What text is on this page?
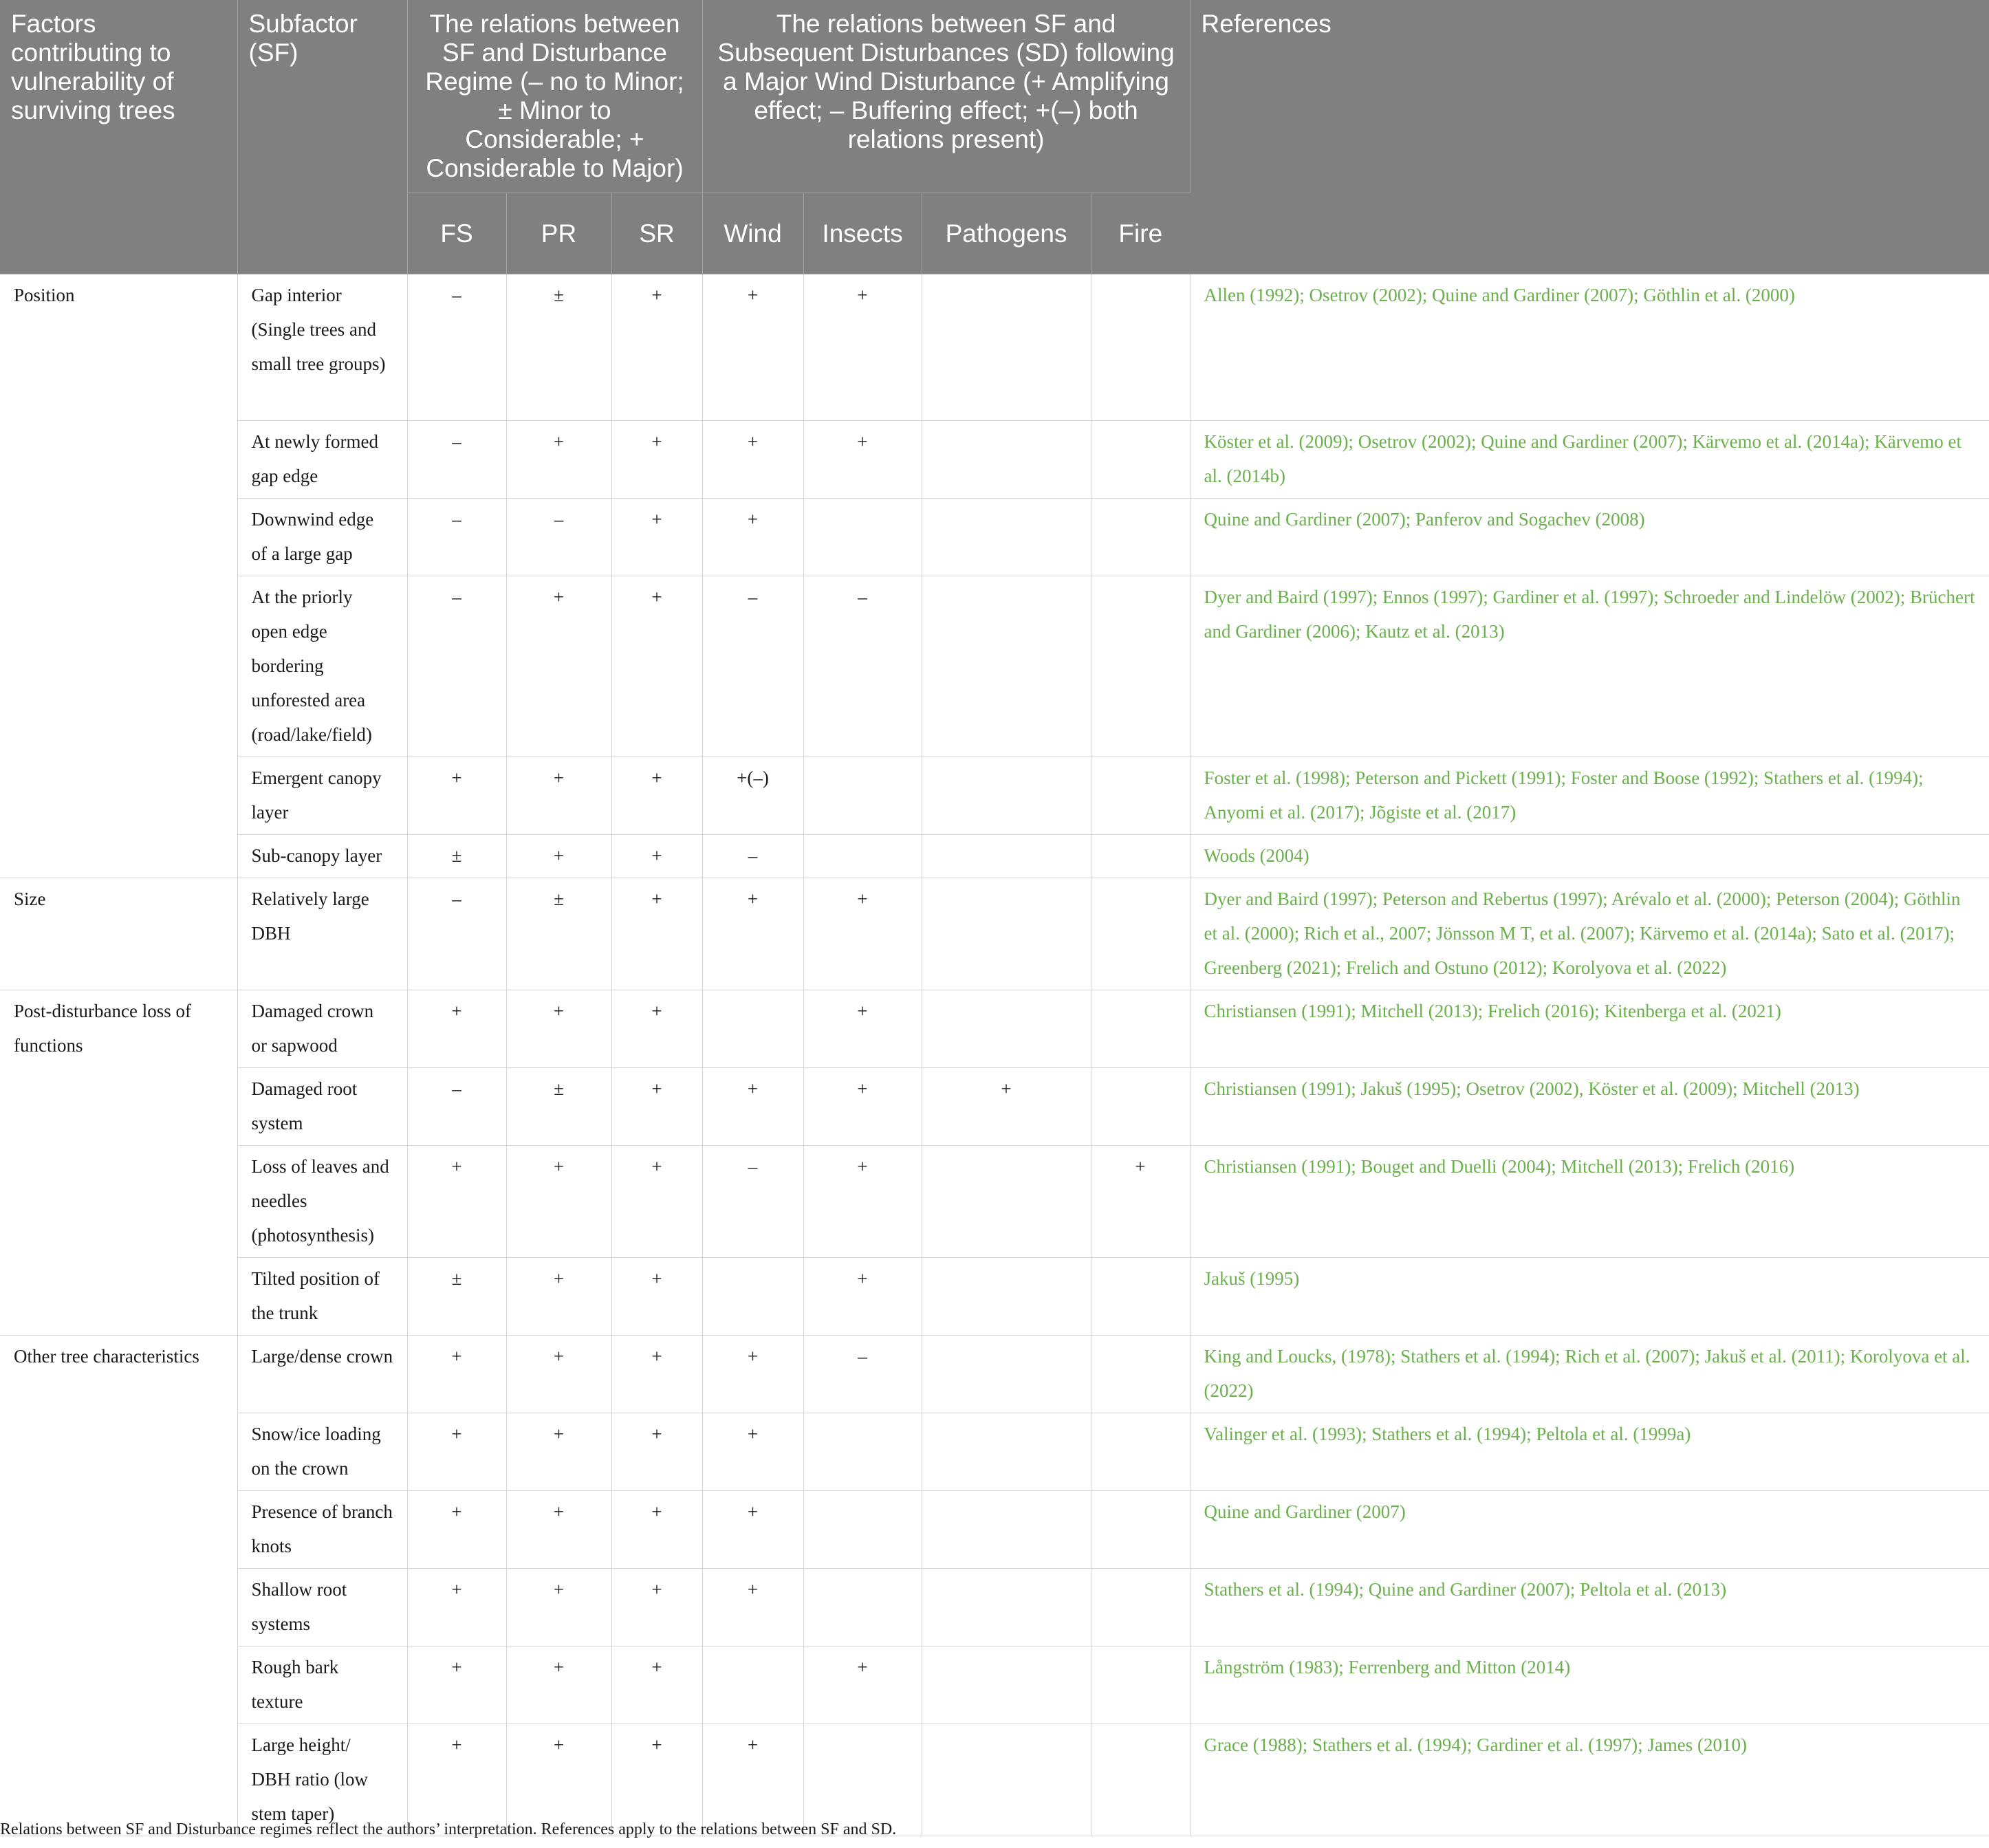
Factors contributing to vulnerability of surviving trees	Subfactor (SF)	The relations between SF and Disturbance Regime (– no to Minor; ± Minor to Considerable; + Considerable to Major)			The relations between SF and Subsequent Disturbances (SD) following a Major Wind Disturbance (+ Amplifying effect; – Buffering effect; +(–) both relations present)				References
		FS	PR	SR	Wind	Insects	Pathogens	Fire	
Position	Gap interior (Single trees and small tree groups)	–	±	+	+	+			Allen (1992); Osetrov (2002); Quine and Gardiner (2007); Göthlin et al. (2000)
	At newly formed gap edge	–	+	+	+	+			Köster et al. (2009); Osetrov (2002); Quine and Gardiner (2007); Kärvemo et al. (2014a); Kärvemo et al. (2014b)
	Downwind edge of a large gap	–	–	+	+				Quine and Gardiner (2007); Panferov and Sogachev (2008)
	At the priorly open edge bordering unforested area (road/lake/field)	–	+	+	–	–			Dyer and Baird (1997); Ennos (1997); Gardiner et al. (1997); Schroeder and Lindelöw (2002); Brüchert and Gardiner (2006); Kautz et al. (2013)
	Emergent canopy layer	+	+	+	+(–)				Foster et al. (1998); Peterson and Pickett (1991); Foster and Boose (1992); Stathers et al. (1994); Anyomi et al. (2017); Jõgiste et al. (2017)
	Sub-canopy layer	±	+	+	–				Woods (2004)
Size	Relatively large DBH	–	±	+	+	+			Dyer and Baird (1997); Peterson and Rebertus (1997); Arévalo et al. (2000); Peterson (2004); Göthlin et al. (2000); Rich et al., 2007; Jönsson M T, et al. (2007); Kärvemo et al. (2014a); Sato et al. (2017); Greenberg (2021); Frelich and Ostuno (2012); Korolyova et al. (2022)
Post-disturbance loss of functions	Damaged crown or sapwood	+	+	+		+			Christiansen (1991); Mitchell (2013); Frelich (2016); Kitenberga et al. (2021)
	Damaged root system	–	±	+	+	+	+		Christiansen (1991); Jakuš (1995); Osetrov (2002), Köster et al. (2009); Mitchell (2013)
	Loss of leaves and needles (photosynthesis)	+	+	+	–	+		+	Christiansen (1991); Bouget and Duelli (2004); Mitchell (2013); Frelich (2016)
	Tilted position of the trunk	±	+	+		+			Jakuš (1995)
Other tree characteristics	Large/dense crown	+	+	+	+	–			King and Loucks, (1978); Stathers et al. (1994); Rich et al. (2007); Jakuš et al. (2011); Korolyova et al. (2022)
	Snow/ice loading on the crown	+	+	+	+				Valinger et al. (1993); Stathers et al. (1994); Peltola et al. (1999a)
	Presence of branch knots	+	+	+	+				Quine and Gardiner (2007)
	Shallow root systems	+	+	+	+				Stathers et al. (1994); Quine and Gardiner (2007); Peltola et al. (2013)
	Rough bark texture	+	+	+		+			Långström (1983); Ferrenberg and Mitton (2014)
	Large height/ DBH ratio (low stem taper)	+	+	+	+				Grace (1988); Stathers et al. (1994); Gardiner et al. (1997); James (2010)
Relations between SF and Disturbance regimes reflect the authors’ interpretation. References apply to the relations between SF and SD.
